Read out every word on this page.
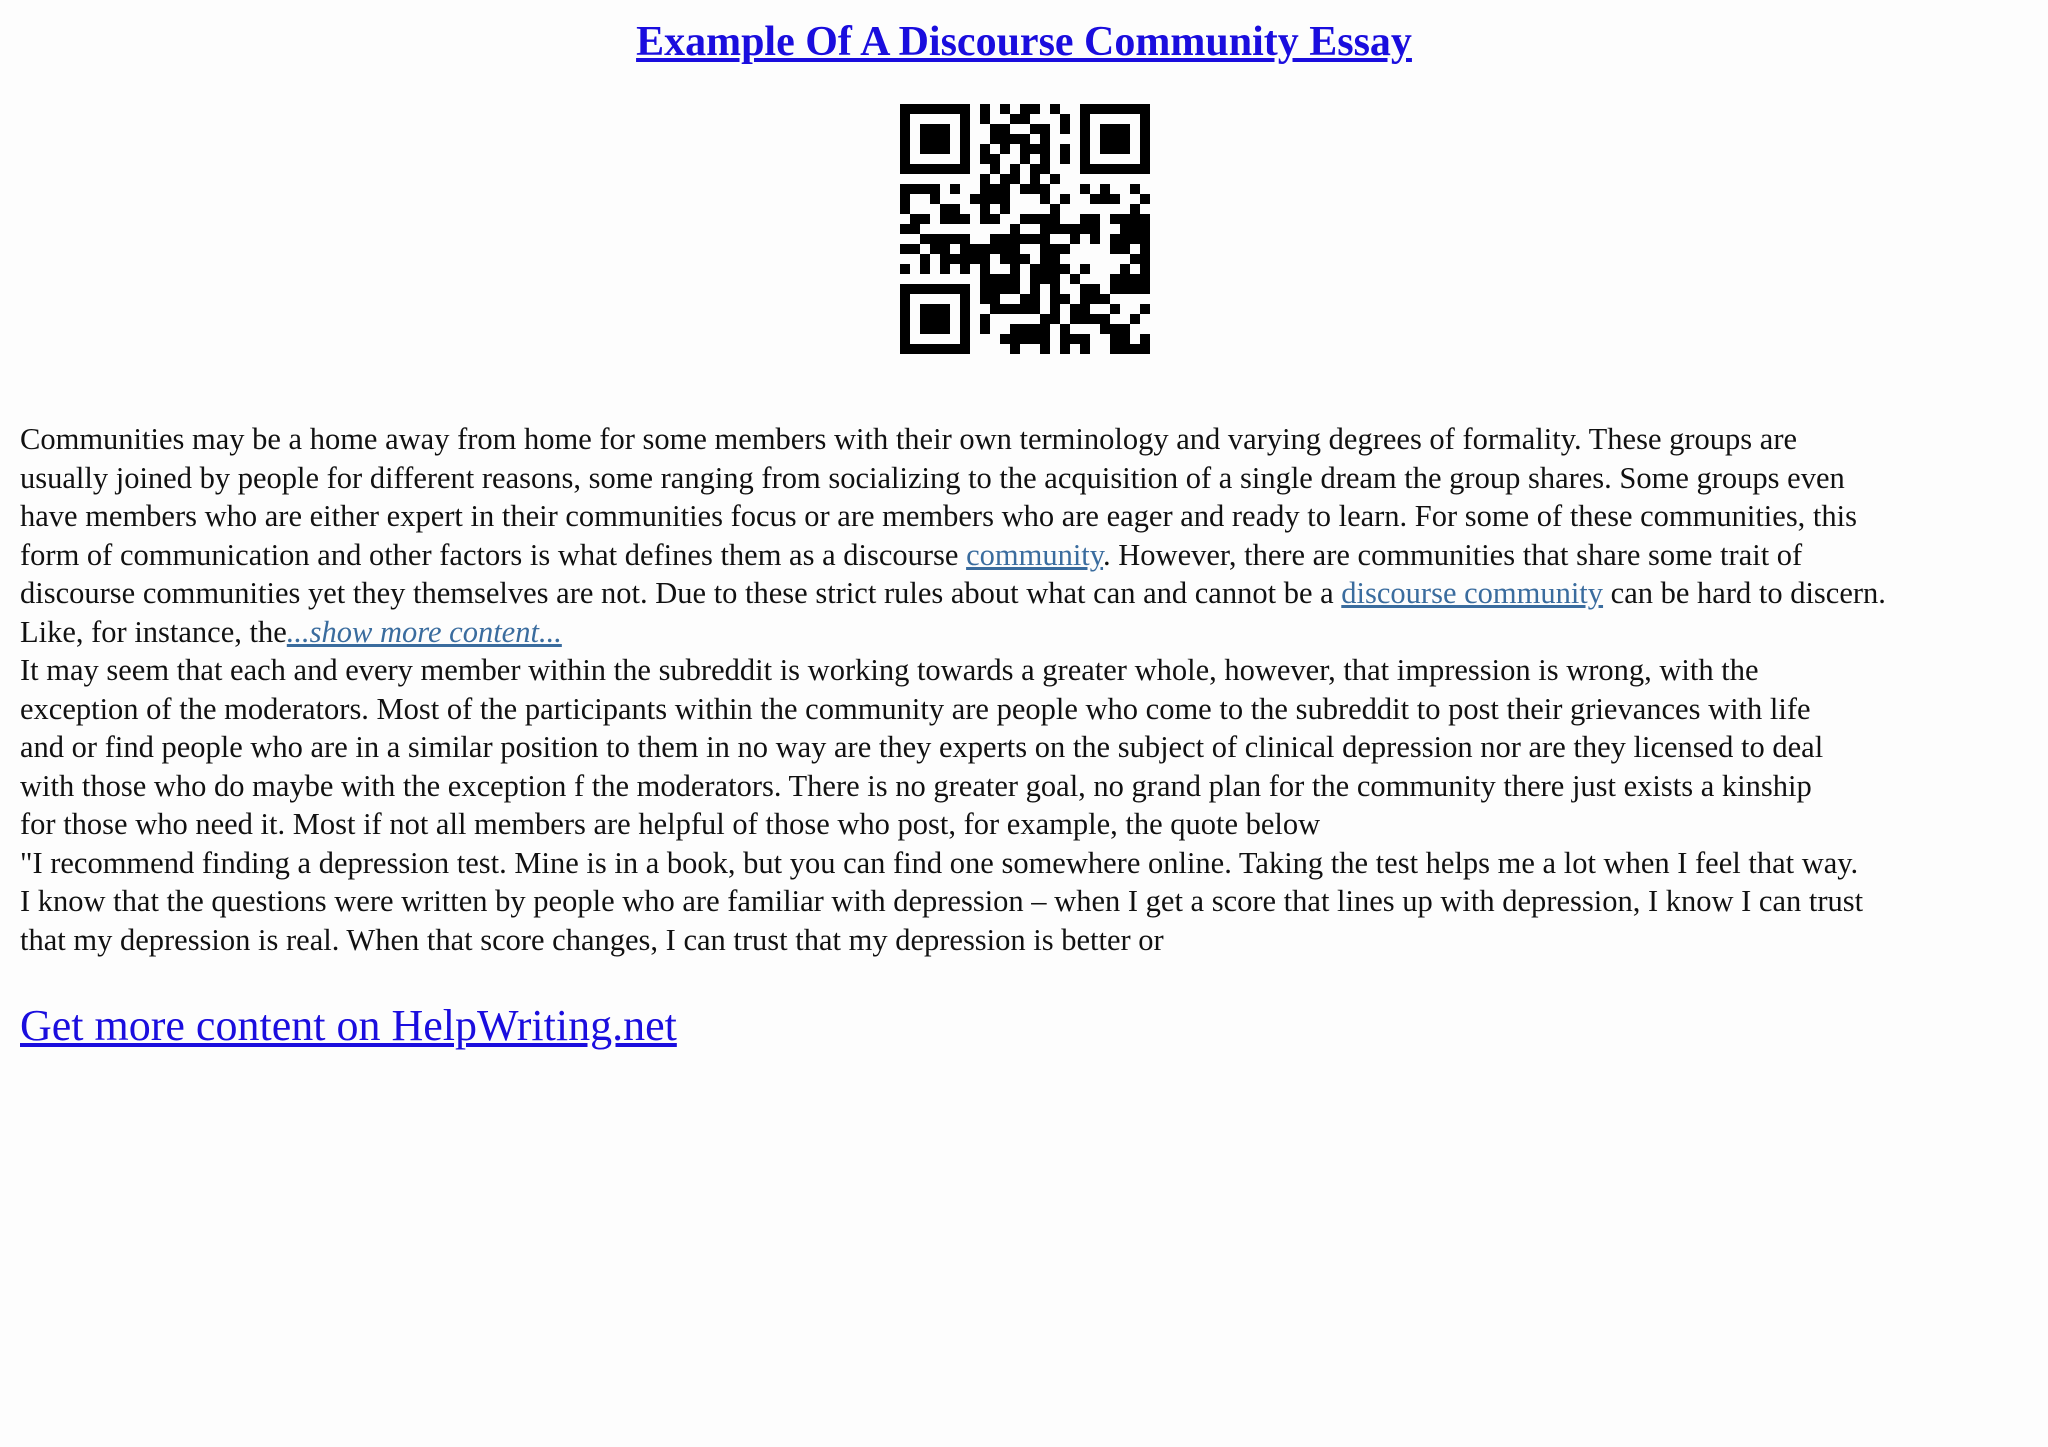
Example Of A Discourse Community Essay
Communities may be a home away from home for some members with their own terminology and varying degrees of formality. These groups are
usually joined by people for different reasons, some ranging from socializing to the acquisition of a single dream the group shares. Some groups even
have members who are either expert in their communities focus or are members who are eager and ready to learn. For some of these communities, this
form of communication and other factors is what defines them as a discourse community. However, there are communities that share some trait of
discourse communities yet they themselves are not. Due to these strict rules about what can and cannot be a discourse community can be hard to discern.
Like, for instance, the...show more content...
It may seem that each and every member within the subreddit is working towards a greater whole, however, that impression is wrong, with the
exception of the moderators. Most of the participants within the community are people who come to the subreddit to post their grievances with life
and or find people who are in a similar position to them in no way are they experts on the subject of clinical depression nor are they licensed to deal
with those who do maybe with the exception f the moderators. There is no greater goal, no grand plan for the community there just exists a kinship
for those who need it. Most if not all members are helpful of those who post, for example, the quote below
"I recommend finding a depression test. Mine is in a book, but you can find one somewhere online. Taking the test helps me a lot when I feel that way.
I know that the questions were written by people who are familiar with depression – when I get a score that lines up with depression, I know I can trust
that my depression is real. When that score changes, I can trust that my depression is better or
Get more content on HelpWriting.net
